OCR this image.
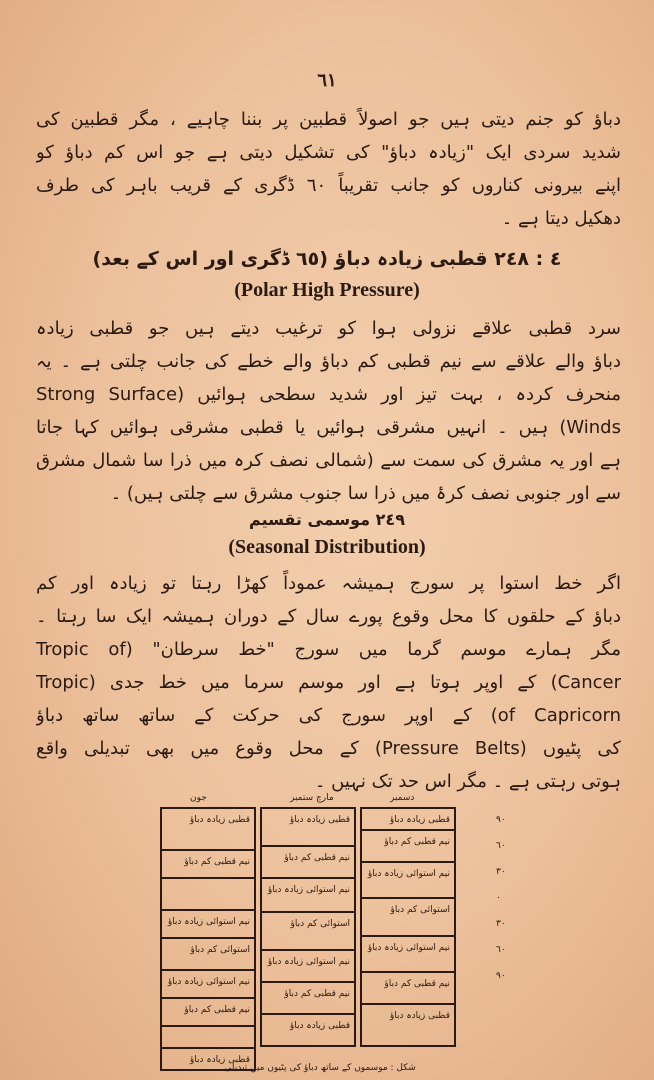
٦١
دباؤ کو جنم دیتی ہیں جو اصولاً قطبین پر بننا چاہیے ، مگر قطبین کی
شدید سردی ایک "زیادہ دباؤ" کی تشکیل دیتی ہے جو اس کم دباؤ کو
اپنے بیرونی کناروں کو جانب تقریباً ٦٠ ڈگری کے قریب باہر کی طرف
دھکیل دیتا ہے ۔
٤ : ٢٤٨ قطبی زیادہ دباؤ (٦٥ ڈگری اور اس کے بعد)
(Polar High Pressure)
سرد قطبی علاقے نزولی ہوا کو ترغیب دیتے ہیں جو قطبی زیادہ
دباؤ والے علاقے سے نیم قطبی کم دباؤ والے خطے کی جانب چلتی ہے ۔ یہ
منحرف کردہ ، بہت تیز اور شدید سطحی ہوائیں (Strong Surface
Winds) ہیں ۔ انہیں مشرقی ہوائیں یا قطبی مشرقی ہوائیں کہا جاتا
ہے اور یہ مشرق کی سمت سے (شمالی نصف کرہ میں ذرا سا شمال مشرق
سے اور جنوبی نصف کرۂ میں ذرا سا جنوب مشرق سے چلتی ہیں) ۔
٢٤٩ موسمی تقسیم
(Seasonal Distribution)
اگر خط استوا پر سورج ہمیشہ عموداً کھڑا رہتا تو زیادہ اور کم
دباؤ کے حلقوں کا محل وقوع پورے سال کے دوران ہمیشہ ایک سا رہتا ۔
مگر ہمارے موسم گرما میں سورج "خط سرطان" (Tropic of
Cancer) کے اوپر ہوتا ہے اور موسم سرما میں خط جدی (Tropic
of Capricorn) کے اوپر سورج کی حرکت کے ساتھ ساتھ دباؤ
کی پٹیوں (Pressure Belts) کے محل وقوع میں بھی تبدیلی واقع
ہوتی رہتی ہے ۔ مگر اس حد تک نہیں ۔
جون	مارچ ستمبر	دسمبر
قطبی زیادہ دباؤ
نیم قطبی کم دباؤ
نیم استوائی زیادہ دباؤ
استوائی کم دباؤ
نیم استوائی زیادہ دباؤ
نیم قطبی کم دباؤ
قطبی زیادہ دباؤ
قطبی زیادہ دباؤ
نیم قطبی کم دباؤ
نیم استوائی زیادہ دباؤ
استوائی کم دباؤ
نیم استوائی زیادہ دباؤ
نیم قطبی کم دباؤ
قطبی زیادہ دباؤ
قطبی زیادہ دباؤ
نیم قطبی کم دباؤ
نیم استوائی زیادہ دباؤ
استوائی کم دباؤ
نیم استوائی زیادہ دباؤ
نیم قطبی کم دباؤ
قطبی زیادہ دباؤ
٩٠
٦٠
٣٠
٠
٣٠
٦٠
٩٠
شکل : موسموں کے ساتھ دباؤ کی پٹیوں میں تبدیلی
